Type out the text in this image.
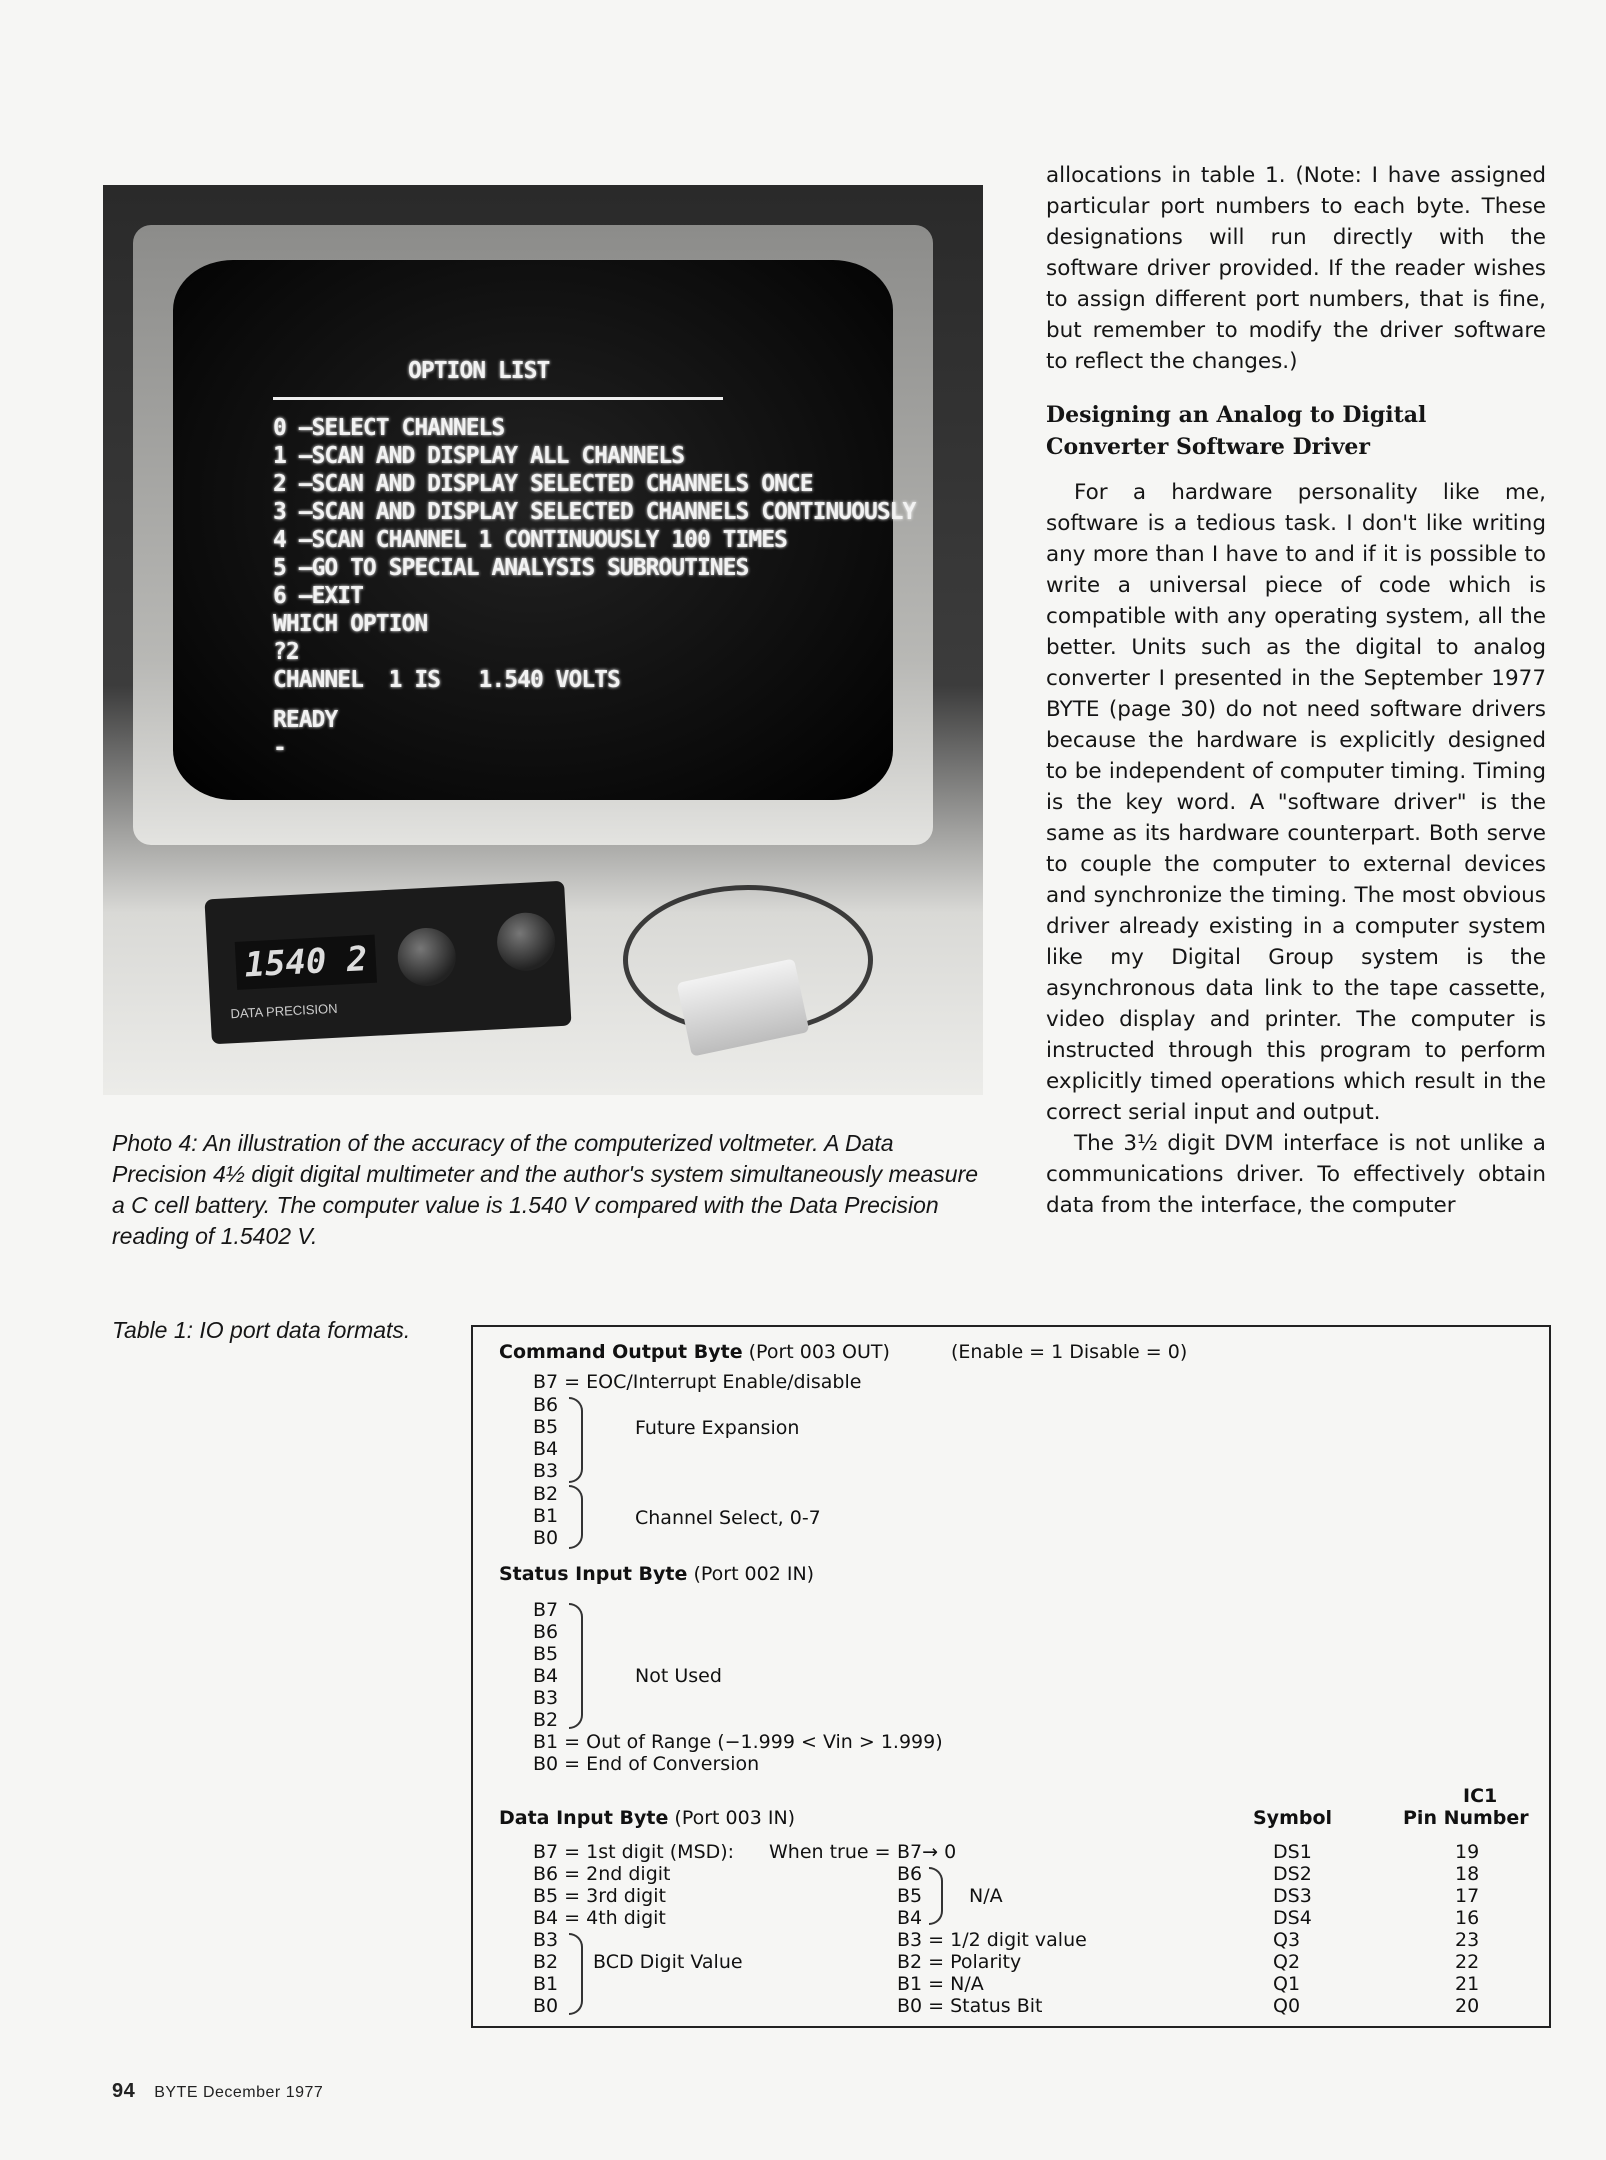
OPTION LIST
0 —SELECT CHANNELS
1 —SCAN AND DISPLAY ALL CHANNELS
2 —SCAN AND DISPLAY SELECTED CHANNELS ONCE
3 —SCAN AND DISPLAY SELECTED CHANNELS CONTINUOUSLY
4 —SCAN CHANNEL 1 CONTINUOUSLY 100 TIMES
5 —GO TO SPECIAL ANALYSIS SUBROUTINES
6 —EXIT
WHICH OPTION
?2
CHANNEL  1 IS   1.540 VOLTS
READY
-
1540 2
DATA PRECISION
Photo 4: An illustration of the accuracy of the computerized voltmeter. A Data Precision 4½ digit digital multimeter and the author's system simultaneously measure a C cell battery. The computer value is 1.540 V compared with the Data Precision reading of 1.5402 V.

allocations in table 1. (Note: I have assigned particular port numbers to each byte. These designations will run directly with the software driver provided. If the reader wishes to assign different port numbers, that is fine, but remember to modify the driver software to reflect the changes.)

Designing an Analog to Digital Converter Software Driver

For a hardware personality like me, software is a tedious task. I don't like writing any more than I have to and if it is possible to write a universal piece of code which is compatible with any operating system, all the better. Units such as the digital to analog converter I presented in the September 1977 BYTE (page 30) do not need software drivers because the hardware is explicitly designed to be independent of computer timing. Timing is the key word. A "software driver" is the same as its hardware counterpart. Both serve to couple the computer to external devices and synchronize the timing. The most obvious driver already existing in a computer system like my Digital Group system is the asynchronous data link to the tape cassette, video display and printer. The computer is instructed through this program to perform explicitly timed operations which result in the correct serial input and output.

The 3½ digit DVM interface is not unlike a communications driver. To effectively obtain data from the interface, the computer

Table 1: IO port data formats.
Command Output Byte (Port 003 OUT)	(Enable = 1 Disable = 0)
B7 = EOC/Interrupt Enable/disable
B6
B5
B4
B3
Future Expansion
B2
B1
B0
Channel Select, 0-7
Status Input Byte (Port 002 IN)
B7
B6
B5
B4
B3
B2
Not Used
B1 = Out of Range (−1.999 < Vin > 1.999)
B0 = End of Conversion
Data Input Byte (Port 003 IN)	Symbol
IC1
Pin Number
B7 = 1st digit (MSD):
B6 = 2nd digit
B5 = 3rd digit
B4 = 4th digit
B3
B2
B1
B0
BCD Digit Value
When true = B7→ 0
B6
B5
B4
N/A
B3 = 1/2 digit value
B2 = Polarity
B1 = N/A
B0 = Status Bit
DS1
DS2
DS3
DS4
Q3
Q2
Q1
Q0
19
18
17
16
23
22
21
20
94 BYTE December 1977
